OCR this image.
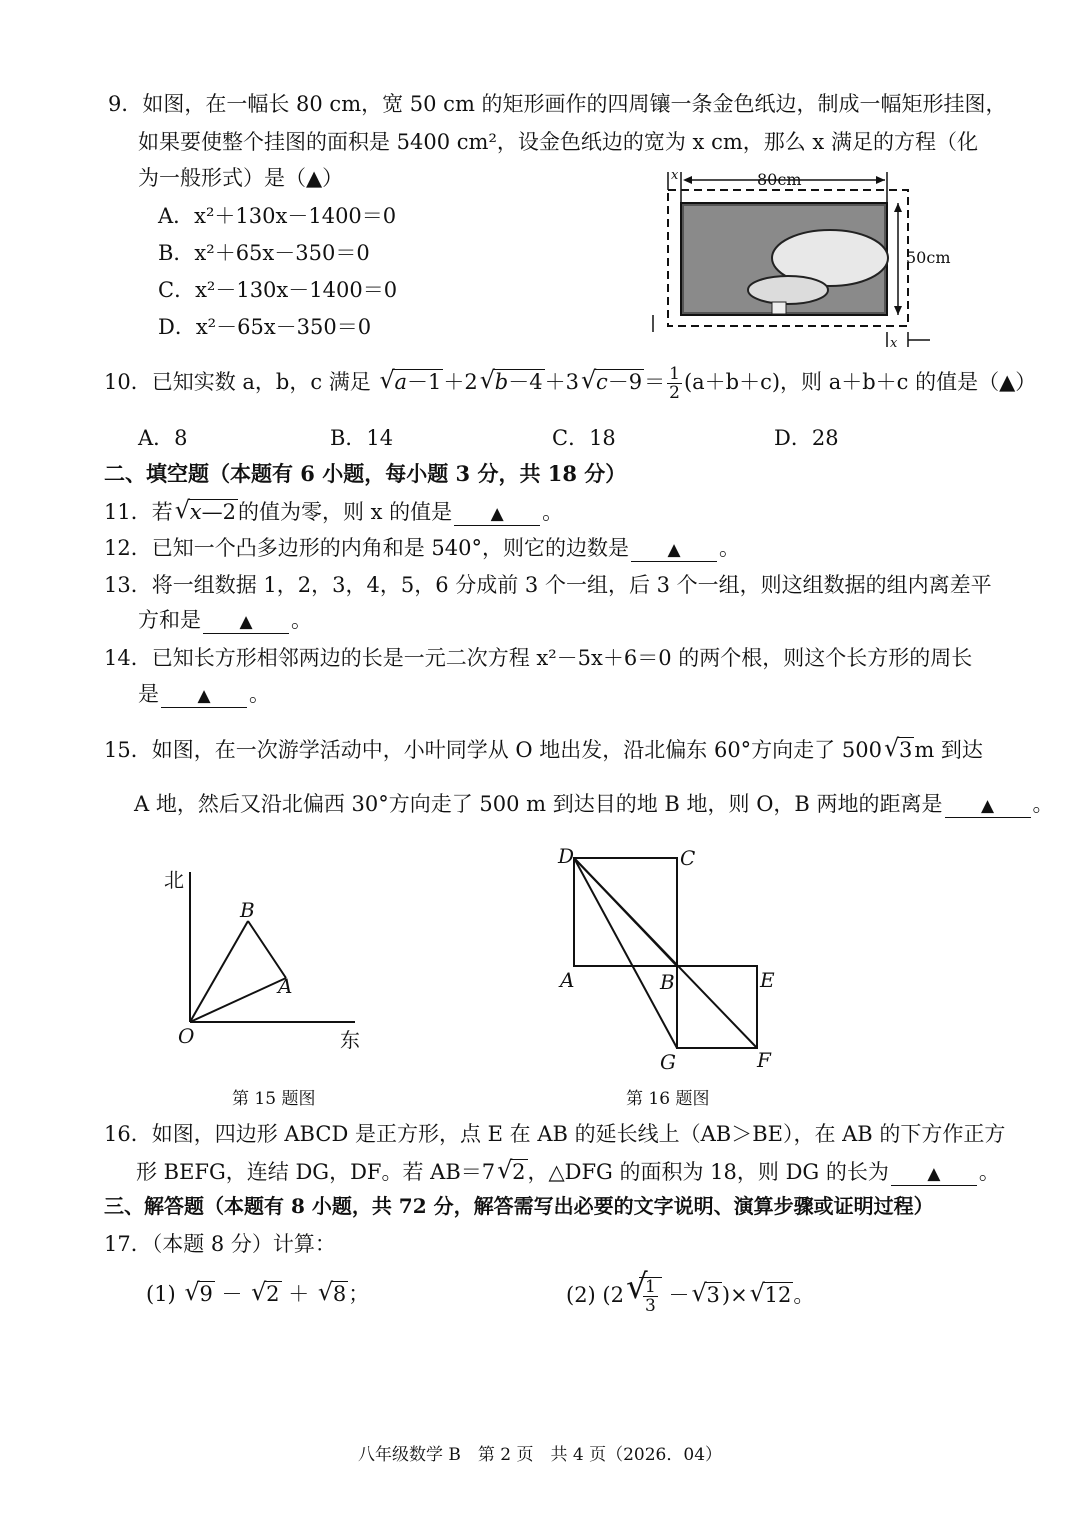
9．如图，在一幅长 80 cm，宽 50 cm 的矩形画作的四周镶一条金色纸边，制成一幅矩形挂图，
如果要使整个挂图的面积是 5400 cm²，设金色纸边的宽为 x cm，那么 x 满足的方程（化
为一般形式）是（▲）
A．x²＋130x－1400＝0
B．x²＋65x－350＝0
C．x²－130x－1400＝0
D．x²－65x－350＝0
80cm
50cm
x
x
10．已知实数 a，b，c 满足 √ a－1＋2 √ b－4＋3 √ $c-9= \frac{1}{2} (a+b+c)$，则 a＋b＋c 的值是（▲）
A．8	B．14	C．18	D．28
二、填空题（本题有 6 小题，每小题 3 分，共 18 分）
11．若 √ x—2的值为零，则 x 的值是 ▲ 。
12．已知一个凸多边形的内角和是 540°，则它的边数是 ▲ 。
13．将一组数据 1，2，3，4，5，6 分成前 3 个一组，后 3 个一组，则这组数据的组内离差平
方和是 ▲ 。
14．已知长方形相邻两边的长是一元二次方程 x²－5x＋6＝0 的两个根，则这个长方形的周长
是 ▲ 。
15．如图，在一次游学活动中，小叶同学从 O 地出发，沿北偏东 60°方向走了 500 √ 3m 到达
A 地，然后又沿北偏西 30°方向走了 500 m 到达目的地 B 地，则 O，B 两地的距离是 ▲ 。
北
东
O
A
B
第 15 题图
D	C
A	B	E
G	F
第 16 题图
16．如图，四边形 ABCD 是正方形，点 E 在 AB 的延长线上（AB＞BE），在 AB 的下方作正方
形 BEFG，连结 DG，DF。若 AB＝7 √ 2，△DFG 的面积为 18，则 DG 的长为 ▲ 。
三、解答题（本题有 8 小题，共 72 分，解答需写出必要的文字说明、演算步骤或证明过程）
17．（本题 8 分）计算：
(1) √ 9 － √ 2 ＋ √ 8；	(2) (2 √
$\frac{1}{3}$ － √ 3)× √ 12。
八年级数学 B　第 2 页　共 4 页（2026．04）
